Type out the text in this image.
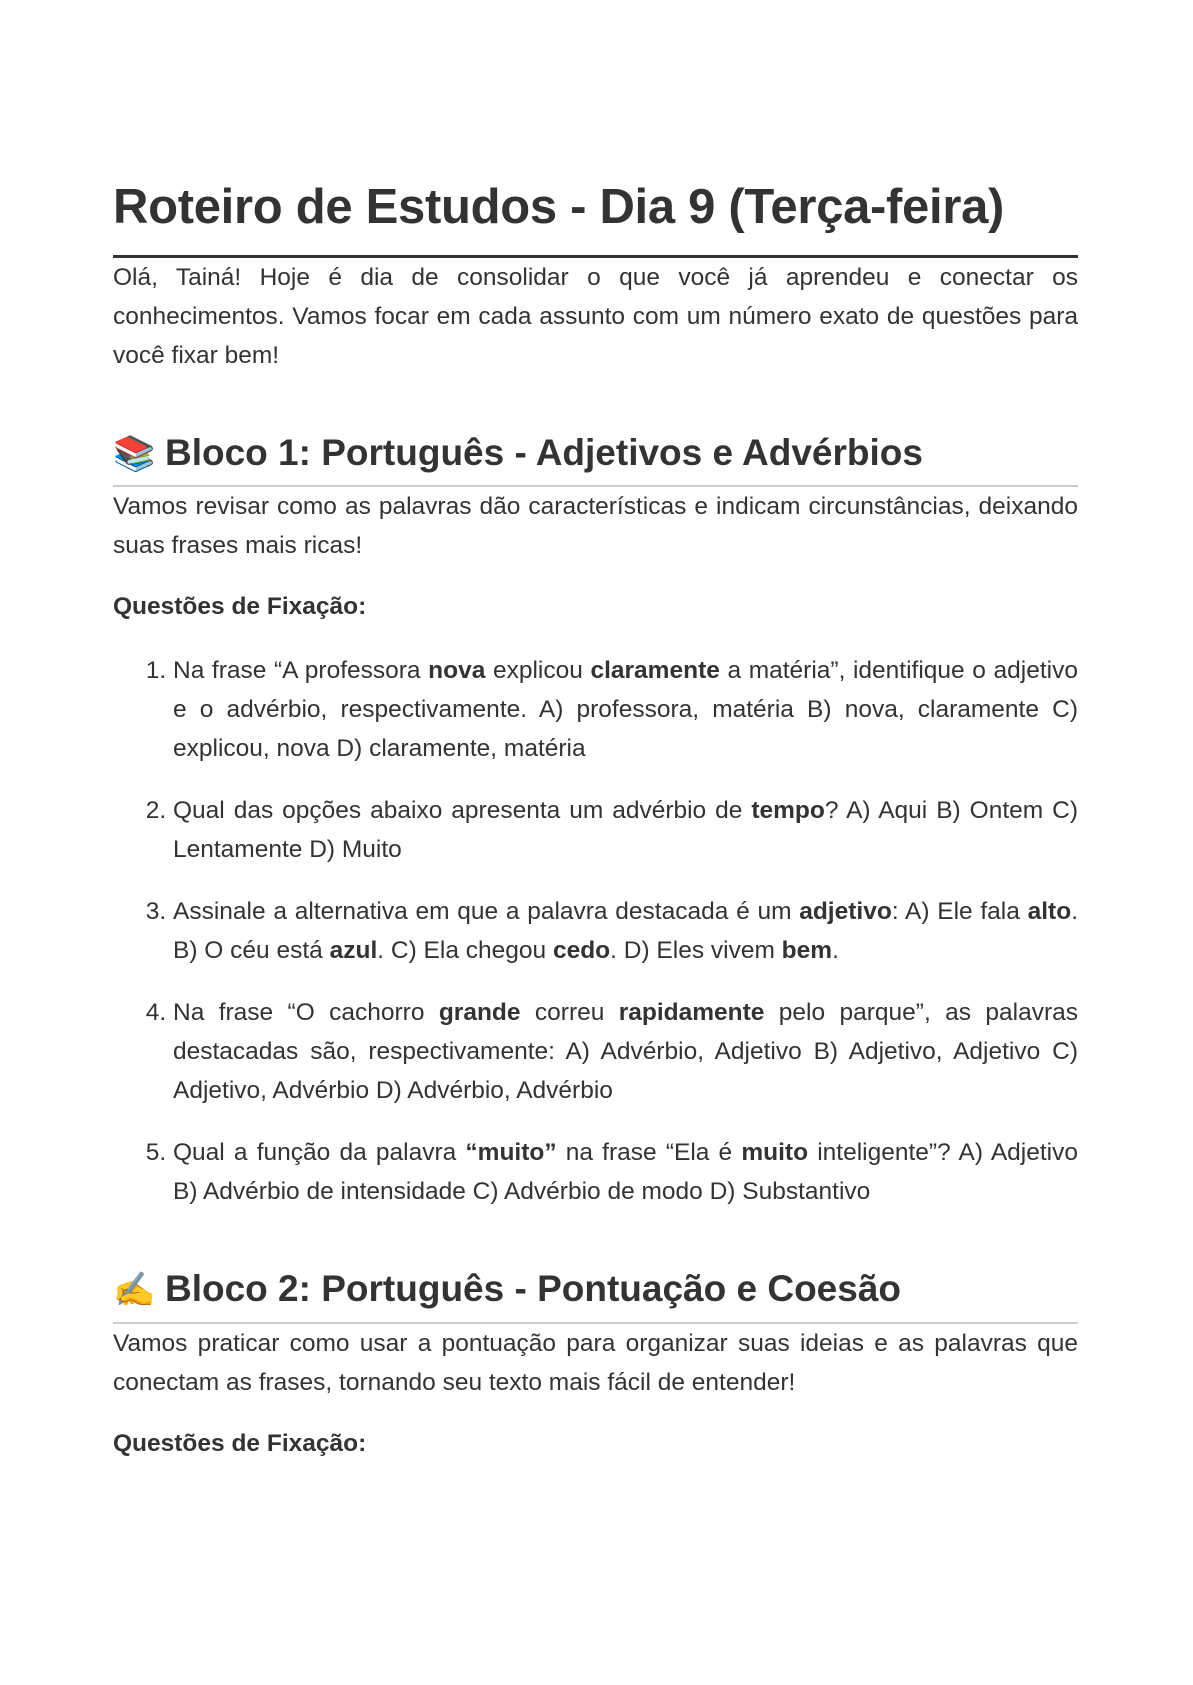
Roteiro de Estudos - Dia 9 (Terça-feira)

Olá, Tainá! Hoje é dia de consolidar o que você já aprendeu e conectar os conhecimentos. Vamos focar em cada assunto com um número exato de questões para você fixar bem!

📚 Bloco 1: Português - Adjetivos e Advérbios

Vamos revisar como as palavras dão características e indicam circunstâncias, deixando suas frases mais ricas!

Questões de Fixação:

1. Na frase “A professora nova explicou claramente a matéria”, identifique o adjetivo e o advérbio, respectivamente. A) professora, matéria B) nova, claramente C) explicou, nova D) claramente, matéria
2. Qual das opções abaixo apresenta um advérbio de tempo? A) Aqui B) Ontem C) Lentamente D) Muito
3. Assinale a alternativa em que a palavra destacada é um adjetivo: A) Ele fala alto. B) O céu está azul. C) Ela chegou cedo. D) Eles vivem bem.
4. Na frase “O cachorro grande correu rapidamente pelo parque”, as palavras destacadas são, respectivamente: A) Advérbio, Adjetivo B) Adjetivo, Adjetivo C) Adjetivo, Advérbio D) Advérbio, Advérbio
5. Qual a função da palavra “muito” na frase “Ela é muito inteligente”? A) Adjetivo B) Advérbio de intensidade C) Advérbio de modo D) Substantivo
✍️ Bloco 2: Português - Pontuação e Coesão

Vamos praticar como usar a pontuação para organizar suas ideias e as palavras que conectam as frases, tornando seu texto mais fácil de entender!

Questões de Fixação:
